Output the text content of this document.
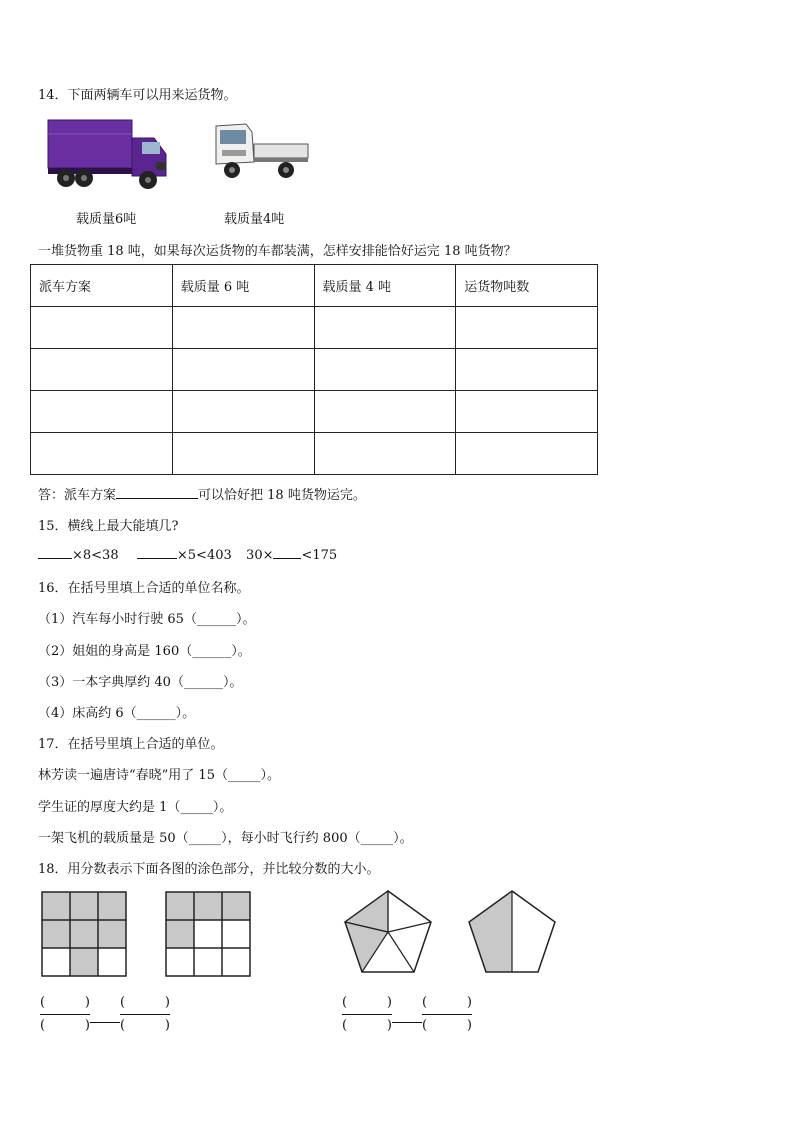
14．下面两辆车可以用来运货物。
载质量6吨	载质量4吨
一堆货物重 18 吨，如果每次运货物的车都装满，怎样安排能恰好运完 18 吨货物？
派车方案	载质量 6 吨	载质量 4 吨	运货物吨数

答：派车方案	可以恰好把 18 吨货物运完。
15．横线上最大能填几?
×8<38	×5<403 30× <175
16．在括号里填上合适的单位名称。
（1）汽车每小时行驶 65（______）。
（2）姐姐的身高是 160（______）。
（3）一本字典厚约 40（______）。
（4）床高约 6（______）。
17．在括号里填上合适的单位。
林芳读一遍唐诗“春晓”用了 15（_____）。
学生证的厚度大约是 1（_____）。
一架飞机的载质量是 50（_____），每小时飞行约 800（_____）。
18．用分数表示下面各图的涂色部分，并比较分数的大小。
(	)
(	)
(	)
(	)
(	)
(	)
(	)
(	)
